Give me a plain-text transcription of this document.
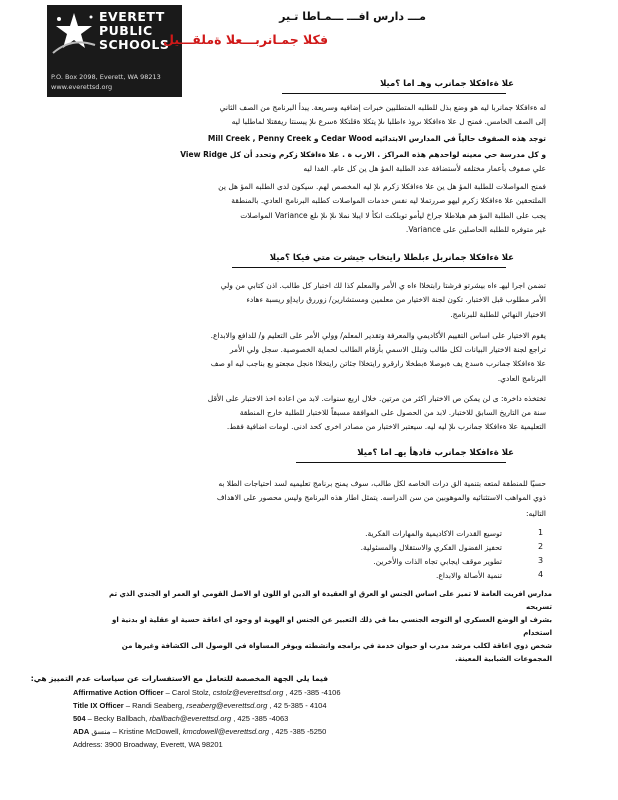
EVERETT
PUBLIC
SCHOOLS
P.O. Box 2098, Everett, WA 98213
www.everettsd.org
مـــ دارس افـــ ـــمـاطا تـير
فكلا جمـانربـــعلا ةملقـــيل
علا ةءافكلا جمانرب وهـ اما ؟ميلا
له ةءافكلا جمانربا ليه هو وضع بذل للطلبه المتطلبين خبرات إضافيه وسريعة. يبدأ البرنامج من الصف الثاني
إلى الصف الخامس. فمنح ل علا ةءافكلا ىروذ ءاطلبا ىلإ يتكلا ةقلتكلا ةسرع ىلإ يبسنتا ريفقتلا لماطلبا ليه
توجد هذه الصفوف حالياً في المدارس الابتدائيه Cedar Wood و Mill Creek , Penny Creek
View Ridge و كل مدرسة حي معينه لواحدهم هذه المراكز . الارب ة . علا ةءافكلا زكرم وتحدد أن كل
علي صفوف بأعمار مختلفه لأستضافة عدد الطلبة المؤ هل ين كل عام. الفدا ليه
فمنح المواصلات للطلبة المؤ هل ين علا ةءافكلا زكرم ىلإ ليه المخصص لهم. سيكون لدى الطلبه المؤ هل ين
الملتحقين علا ةءافكلا زكرم ليهو صررتملا ليه نفس خدمات المواصلات كطلبه البرنامج العادي. بالمنطقة
يجب على الطلبة المؤ هم هبلاطلا جراخ ليأمو توبلكت انكأ لا ايبلا نملا ىلإ ىلإ ىلع Variance المواصلات
غير متوفره للطلبه الحاصلين على Variance.
علا ةءافكلا جمانربل ءبلطلا رايتخاب جيشرت متي فيكا ؟ميلا
تضمن اجرا ليهـ ءاه بيشرتو فرشتا رابتخلاا ءاه ي الأمر والمعلم كذا لك اختبار كل طالب. اذن كتابي من ولي
الأمر مطلوب قبل الاختبار. تكون لجنة الاختيار من معلمين ومستشارين/ زوررق رايدإو ريسبة ءهادء
الاختيار النهائي للطلبة للبرنامج.
يقوم الاختيار على اساس التقييم الأكاديمي والمعرفة وتقدير المعلم/ وولي الأمر على التعليم و/ للدافع والابداع.
تراجع لجنة الاختيار البيانات لكل طالب وتبلل الاسمي بأرقام الطالب لحماية الخصوصية. سجل ولي الأمر
علا ةءافكلا جمانرب ةسدع يف ةبوصلا ةبطخلا رارقرو رايتخلاا جئاتن رايتخلاا ةنجل مجعتو يع بناجب ليه او صف
البرنامج العادي.
تختخذه داخرة: ى لن يمكن ص الاختبار اكثر من مرتين. خلال اربع سنوات. لابد من اعادة اخذ الاختبار على الأقل
سنة من التاريخ السابق للاختبار. لابد من الحصول على الموافقة مسبقاً للاختبار للطلبة خارج المنطقة
التعليمية علا ةءافكلا جمانرب ىلإ ليه ليه. سيعتبر الاختبار من مصادر اخرى كحد ادنى. لومات اضافية فقط.
علا ةءافكلا جمانرب فادهأ يهـ اما ؟ميلا
حسيًا للمنطقة لمتعه بتنمية الق درات الخاصه لكل طالب، سوف يمنح برنامج تعليميه لسد احتياجات الطلا به
ذوي المواهب الاستثنائيه والموهوبين من سن الدراسه. يتمثل اطار هذه البرنامج وليس محصور على الاهداف
التاليه:
1
توسيع القدرات الاكاديمية والمهارات الفكرية.
2
تحفيز الفضول الفكري والاستقلال والمسئولية.
3
تطوير موقف ايجابي تجاه الذات والأخرين.
4
تنمية الأصالة والابداع.
مدارس افريت العامة لا تميز على اساس الجنس او العرق او العقيدة او الدين او اللون او الاصل القومي او العمر او الجندي الذي تم
تسريحه
بشرف او الوضع العسكري او التوجه الجنسي بما في ذلك التعبير عن الجنس او الهوية او وجود اي اعاقة حسية او عقلية او بدنية او
استخدام
شخص ذوي اعاقة لكلب مرشد مدرب او حيوان خدمة في برامجه وانشطته ويوفر المساواة في الوصول الى الكشافة وغيرها من
المجموعات الشبابية المعينة.
فيما يلي الجهة المخصصة للتعامل مع الاستفسارات عن سياسات عدم التمييز هي:
Affirmative Action Officer – Carol Stolz, cstolz@everettsd.org , 425 -385 -4106
Title IX Officer – Randi Seaberg, rseaberg@everettsd.org , 42 5-385 - 4104
504 – Becky Ballbach, rballbach@everettsd.org , 425 -385 -4063
ADA منسق – Kristine McDowell, kmcdowell@everettsd.org , 425 -385 -5250
Address: 3900 Broadway, Everett, WA 98201
